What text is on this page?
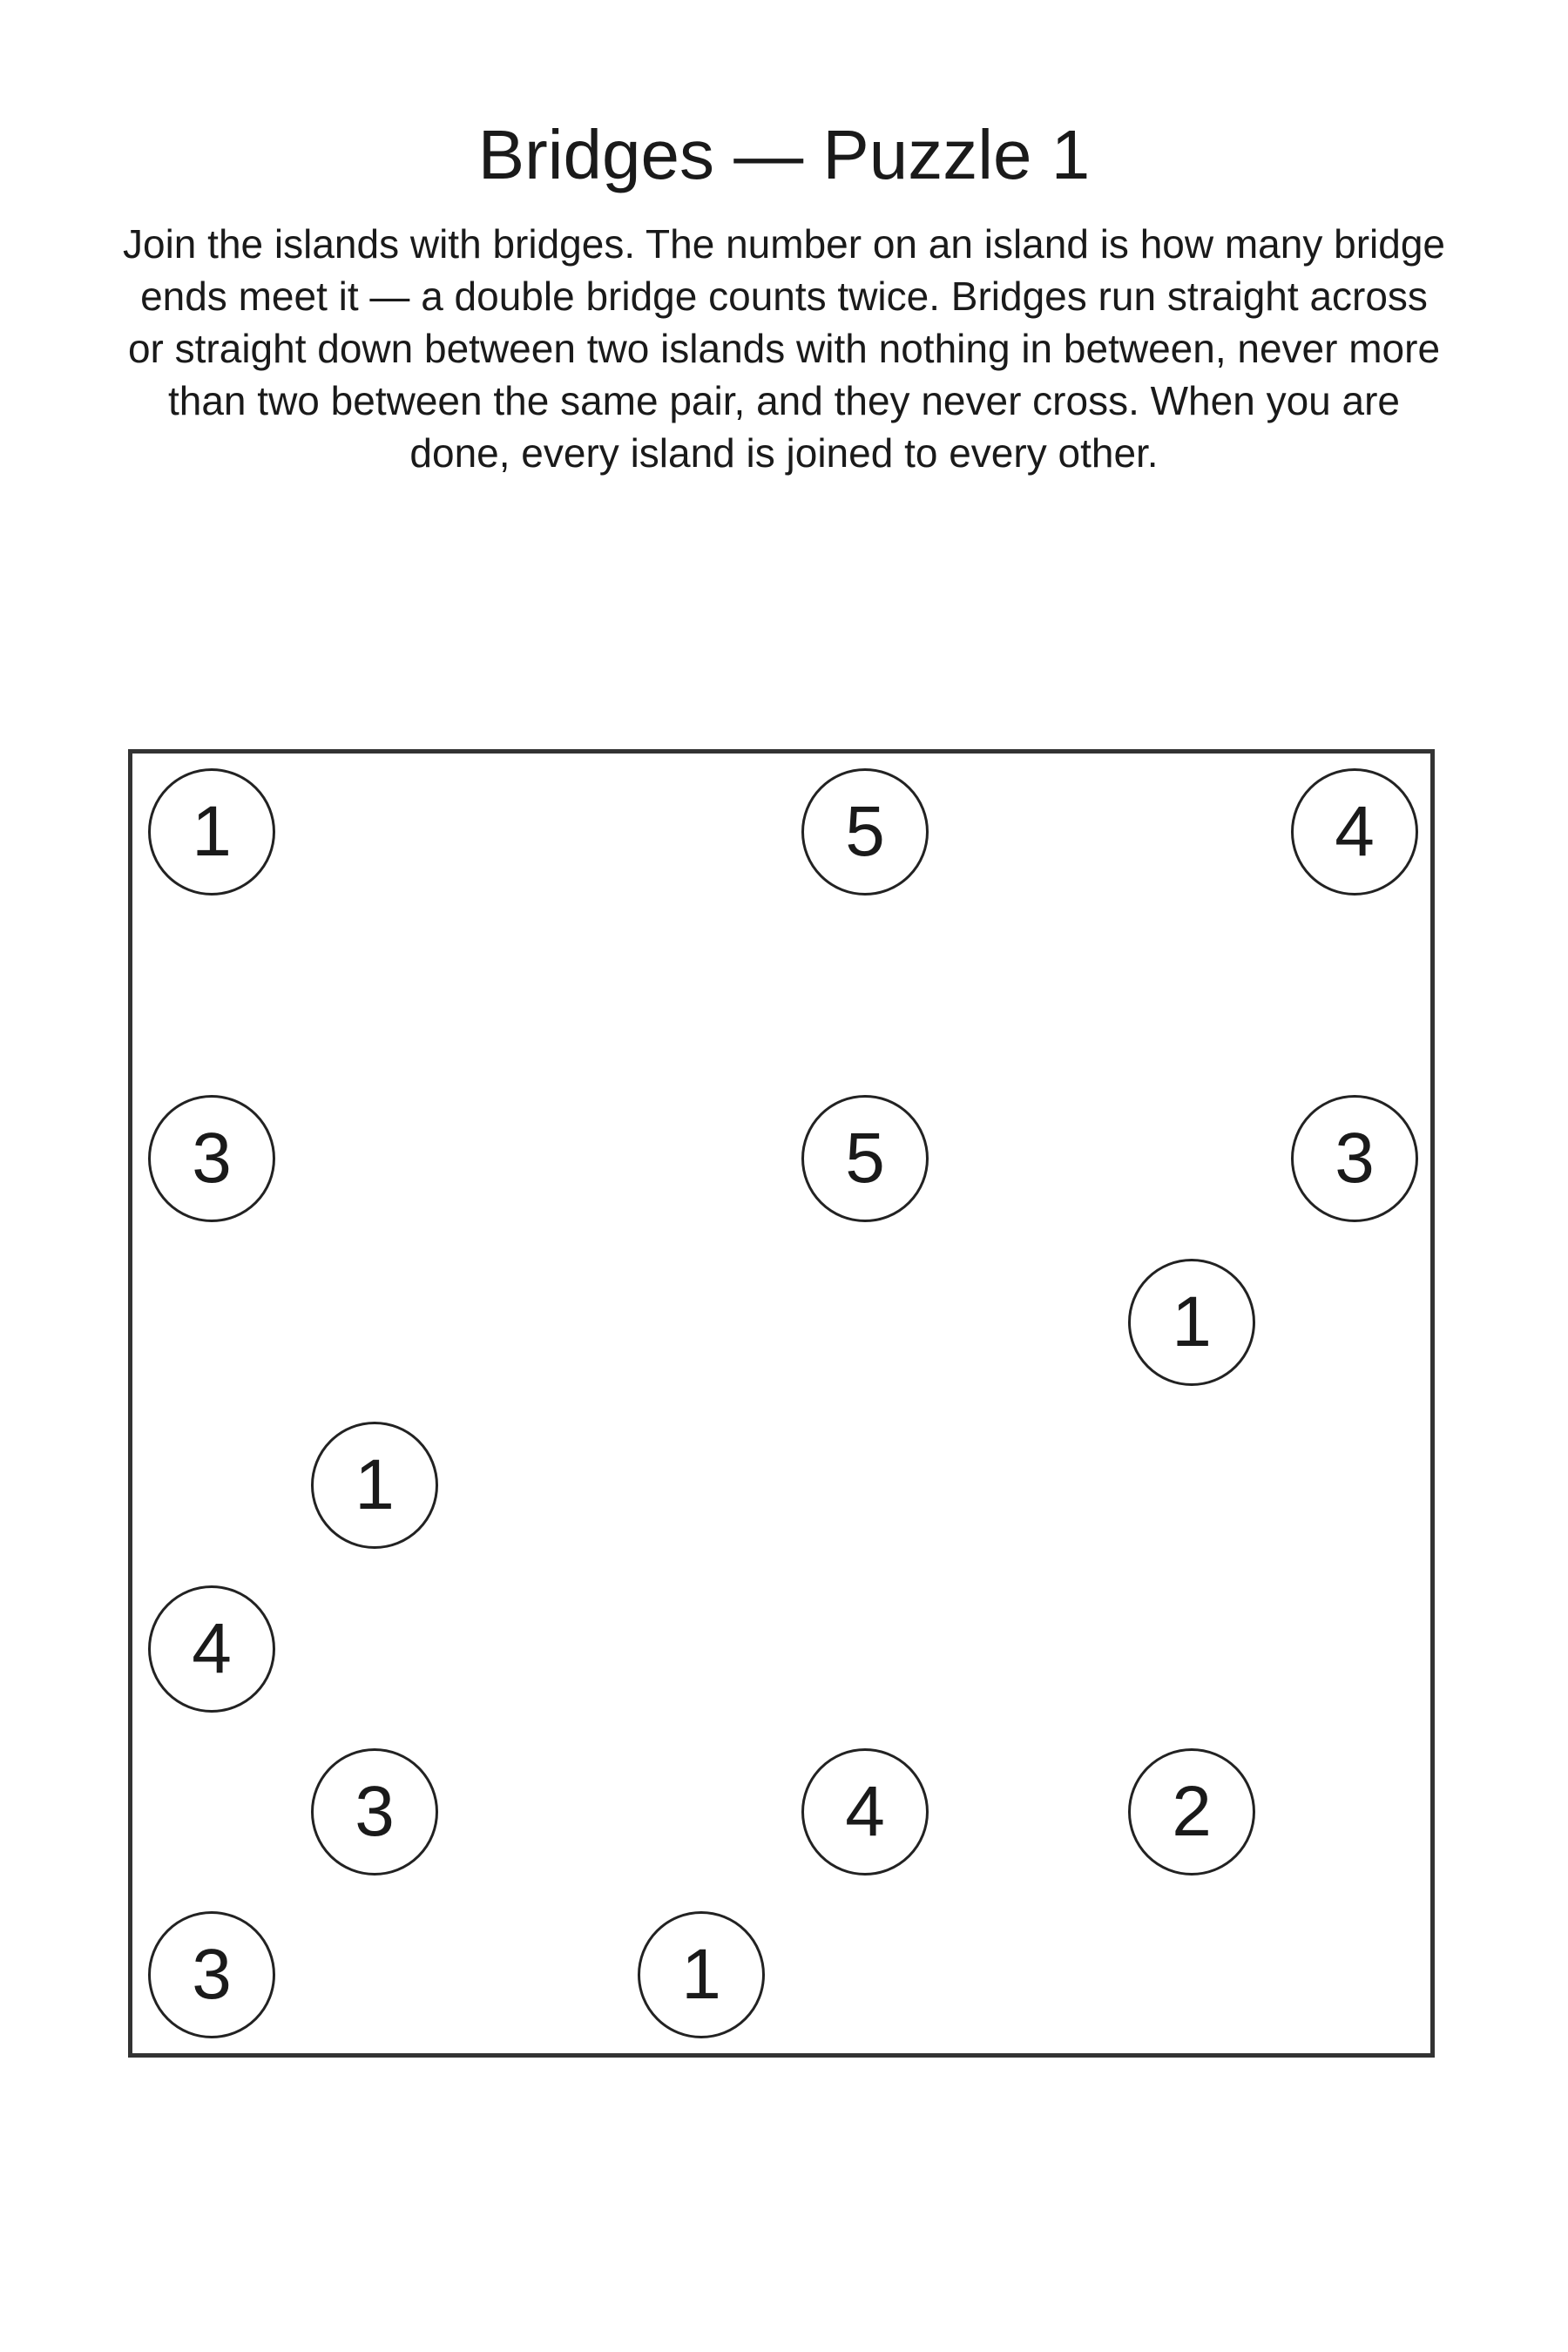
Bridges — Puzzle 1

Join the islands with bridges. The number on an island is how many bridge ends meet it — a double bridge counts twice. Bridges run straight across or straight down between two islands with nothing in between, never more than two between the same pair, and they never cross. When you are done, every island is joined to every other.

1	5	4
3	5	3
1
1
4
3	4	2
3	1
